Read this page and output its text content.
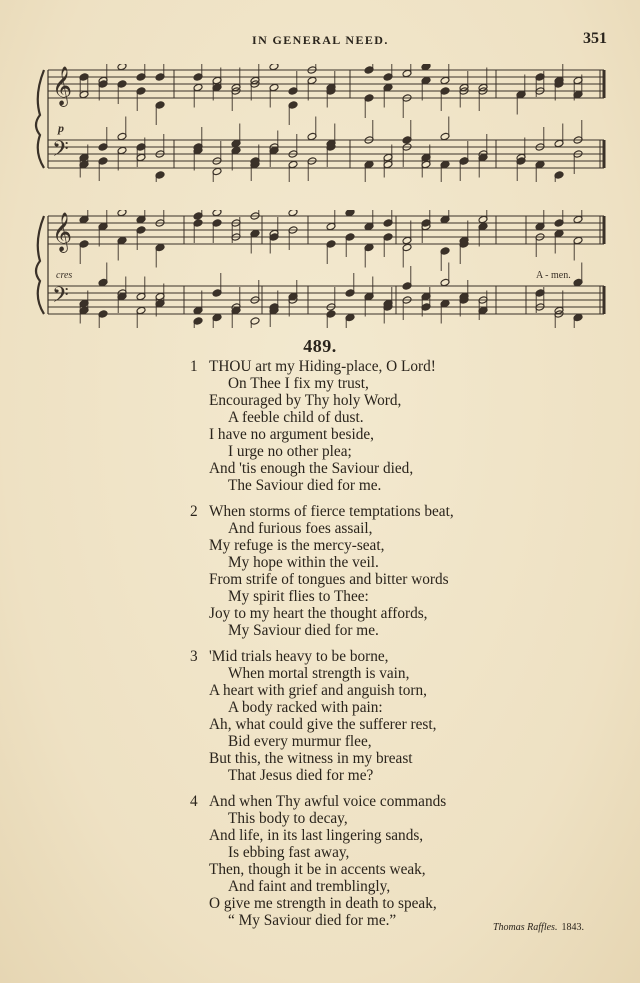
IN GENERAL NEED.	351
𝄞
𝄢
p
𝄞
𝄢
cres	A - men.
489.
1 THOU art my Hiding-place, O Lord!
On Thee I fix my trust,
Encouraged by Thy holy Word,
A feeble child of dust.
I have no argument beside,
I urge no other plea;
And 'tis enough the Saviour died,
The Saviour died for me.
2 When storms of fierce temptations beat,
And furious foes assail,
My refuge is the mercy-seat,
My hope within the veil.
From strife of tongues and bitter words
My spirit flies to Thee:
Joy to my heart the thought affords,
My Saviour died for me.
3 'Mid trials heavy to be borne,
When mortal strength is vain,
A heart with grief and anguish torn,
A body racked with pain:
Ah, what could give the sufferer rest,
Bid every murmur flee,
But this, the witness in my breast
That Jesus died for me?
4 And when Thy awful voice commands
This body to decay,
And life, in its last lingering sands,
Is ebbing fast away,
Then, though it be in accents weak,
And faint and tremblingly,
O give me strength in death to speak,
“ My Saviour died for me.”	Thomas Raffles. 1843.
